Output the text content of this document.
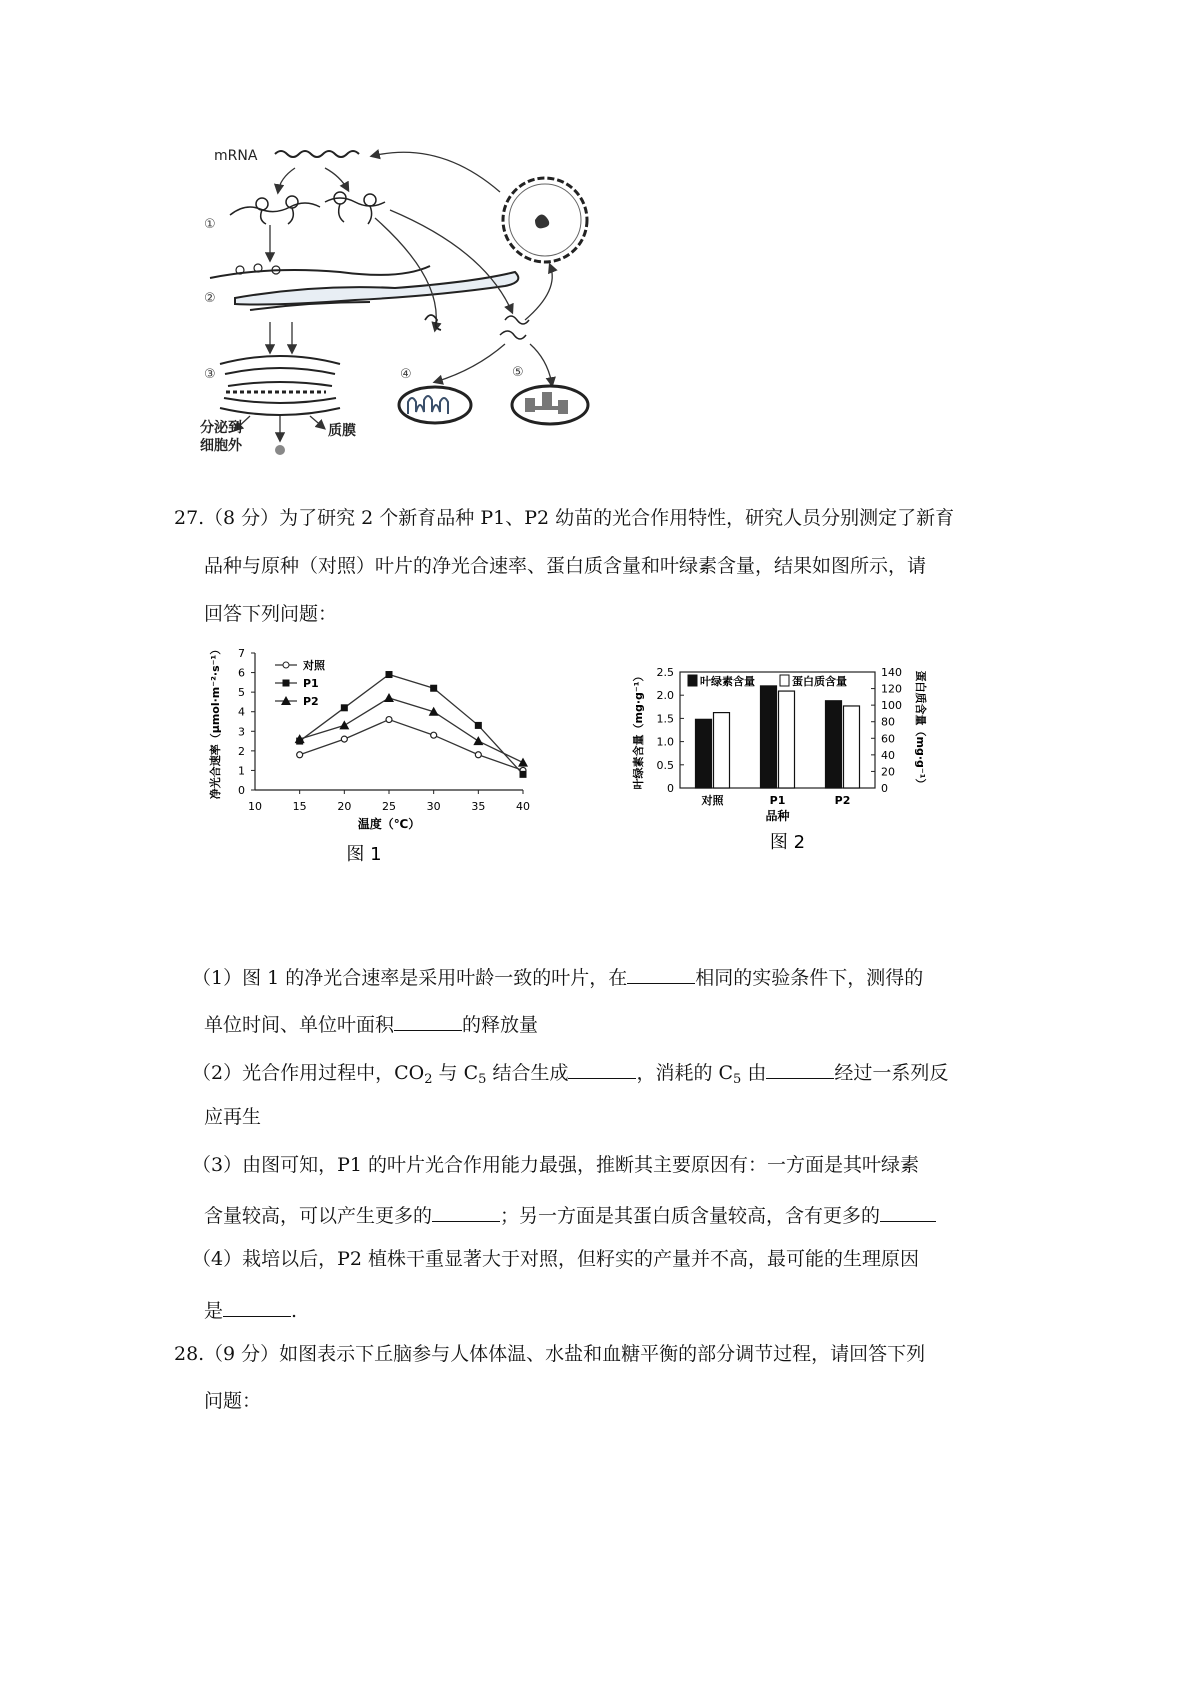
mRNA
①
②
③
分泌到
细胞外
质膜
④	⑤
27. （8 分）为了研究 2 个新育品种 P1、P2 幼苗的光合作用特性，研究人员分别测定了新育
品种与原种（对照）叶片的净光合速率、蛋白质含量和叶绿素含量，结果如图所示，请
回答下列问题：
0
1
2
3
4
5
6
7
10	15	20	25	30	35	40
温度（℃）
净光合速率（μmol·m⁻²·s⁻¹）	对照
P1
P2
图 1
0
0.5
1.0
1.5
2.0
2.5
0
20
40
60
80
100
120
140
对照	P1	P2
品种
叶绿素含量（mg·g⁻¹）	蛋白质含量（mg·g⁻¹）
叶绿素含量	蛋白质含量
图 2
（1）图 1 的净光合速率是采用叶龄一致的叶片，在	相同的实验条件下，测得的
单位时间、单位叶面积	的释放量
（2）光合作用过程中，$CO_2$ 与 $C_5$ 结合生成	，消耗的 $C_5$ 由	经过一系列反
应再生
（3）由图可知，P1 的叶片光合作用能力最强，推断其主要原因有：一方面是其叶绿素
含量较高，可以产生更多的	；另一方面是其蛋白质含量较高，含有更多的
（4）栽培以后，P2 植株干重显著大于对照，但籽实的产量并不高，最可能的生理原因
是	.
28. （9 分）如图表示下丘脑参与人体体温、水盐和血糖平衡的部分调节过程，请回答下列
问题：
